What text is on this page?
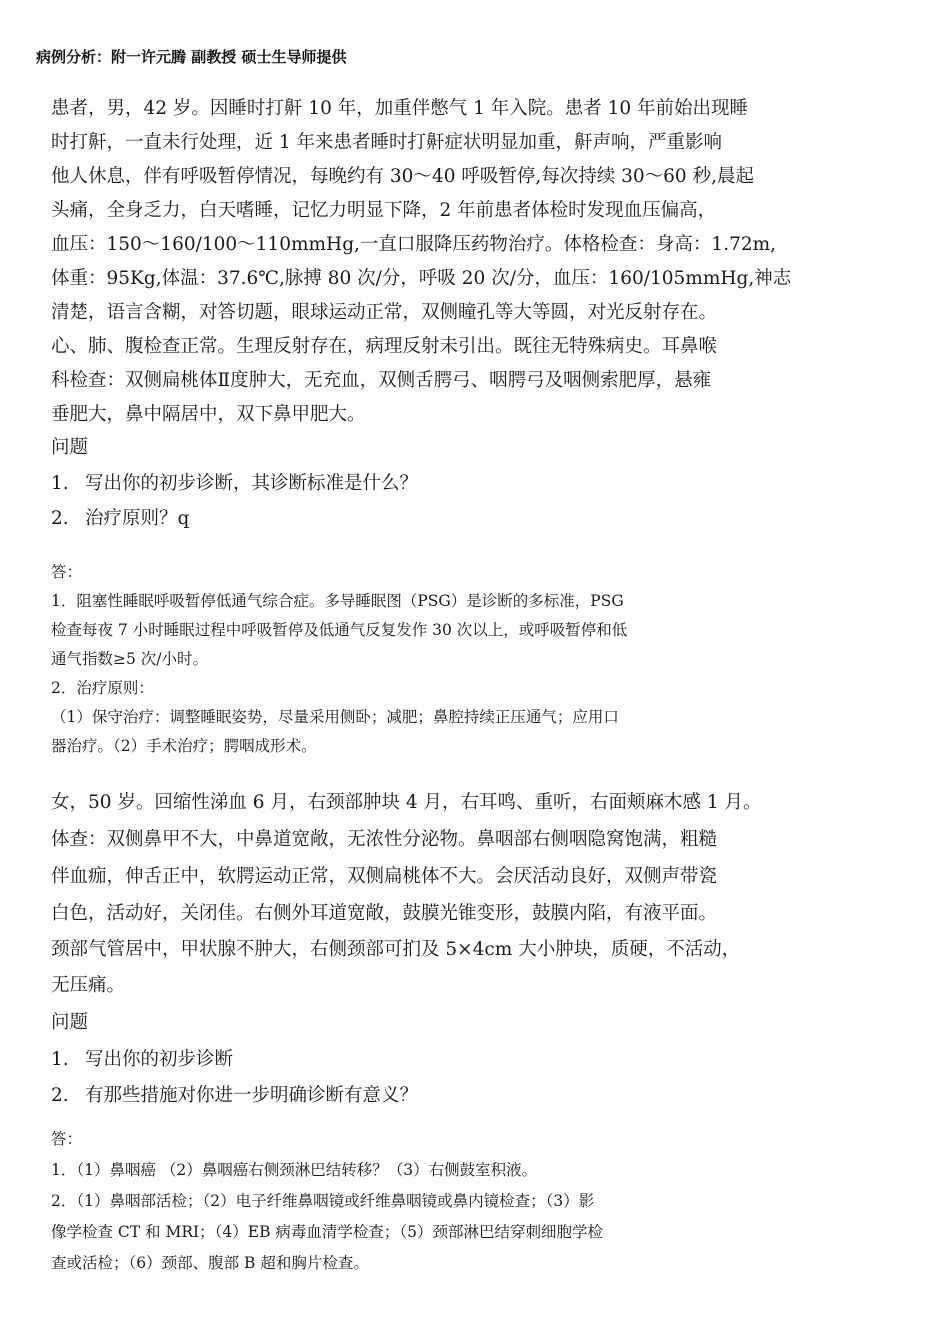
病例分析：附一许元腾 副教授 硕士生导师提供
患者，男，42 岁。因睡时打鼾 10 年，加重伴憋气 1 年入院。患者 10 年前始出现睡
时打鼾，一直未行处理，近 1 年来患者睡时打鼾症状明显加重，鼾声响，严重影响
他人休息，伴有呼吸暂停情况，每晚约有 30～40 呼吸暂停,每次持续 30～60 秒,晨起
头痛，全身乏力，白天嗜睡，记忆力明显下降，2 年前患者体检时发现血压偏高，
血压：150～160/100～110mmHg,一直口服降压药物治疗。体格检查：身高：1.72m,
体重：95Kg,体温：37.6℃,脉搏 80 次/分，呼吸 20 次/分，血压：160/105mmHg,神志
清楚，语言含糊，对答切题，眼球运动正常，双侧瞳孔等大等圆，对光反射存在。
心、肺、腹检查正常。生理反射存在，病理反射未引出。既往无特殊病史。耳鼻喉
科检查：双侧扁桃体Ⅱ度肿大，无充血，双侧舌腭弓、咽腭弓及咽侧索肥厚，悬雍
垂肥大，鼻中隔居中，双下鼻甲肥大。
问题
1. 写出你的初步诊断，其诊断标准是什么？
2. 治疗原则？q
答：
1．阻塞性睡眠呼吸暂停低通气综合症。多导睡眠图（PSG）是诊断的多标准，PSG
检查每夜 7 小时睡眠过程中呼吸暂停及低通气反复发作 30 次以上，或呼吸暂停和低
通气指数≥5 次/小时。
2．治疗原则：
（1）保守治疗：调整睡眠姿势，尽量采用侧卧；减肥；鼻腔持续正压通气；应用口
器治疗。（2）手术治疗；腭咽成形术。
女，50 岁。回缩性涕血 6 月，右颈部肿块 4 月，右耳鸣、重听，右面颊麻木感 1 月。
体查：双侧鼻甲不大，中鼻道宽敞，无浓性分泌物。鼻咽部右侧咽隐窝饱满，粗糙
伴血痂，伸舌正中，软腭运动正常，双侧扁桃体不大。会厌活动良好，双侧声带瓷
白色，活动好，关闭佳。右侧外耳道宽敞，鼓膜光锥变形，鼓膜内陷，有液平面。
颈部气管居中，甲状腺不肿大，右侧颈部可扪及 5×4cm 大小肿块，质硬，不活动，
无压痛。
问题
1. 写出你的初步诊断
2. 有那些措施对你进一步明确诊断有意义？
答：
1．（1）鼻咽癌 （2）鼻咽癌右侧颈淋巴结转移？（3）右侧鼓室积液。
2．（1）鼻咽部活检；（2）电子纤维鼻咽镜或纤维鼻咽镜或鼻内镜检查；（3）影
像学检查 CT 和 MRI；（4）EB 病毒血清学检查；（5）颈部淋巴结穿刺细胞学检
查或活检；（6）颈部、腹部 B 超和胸片检查。
